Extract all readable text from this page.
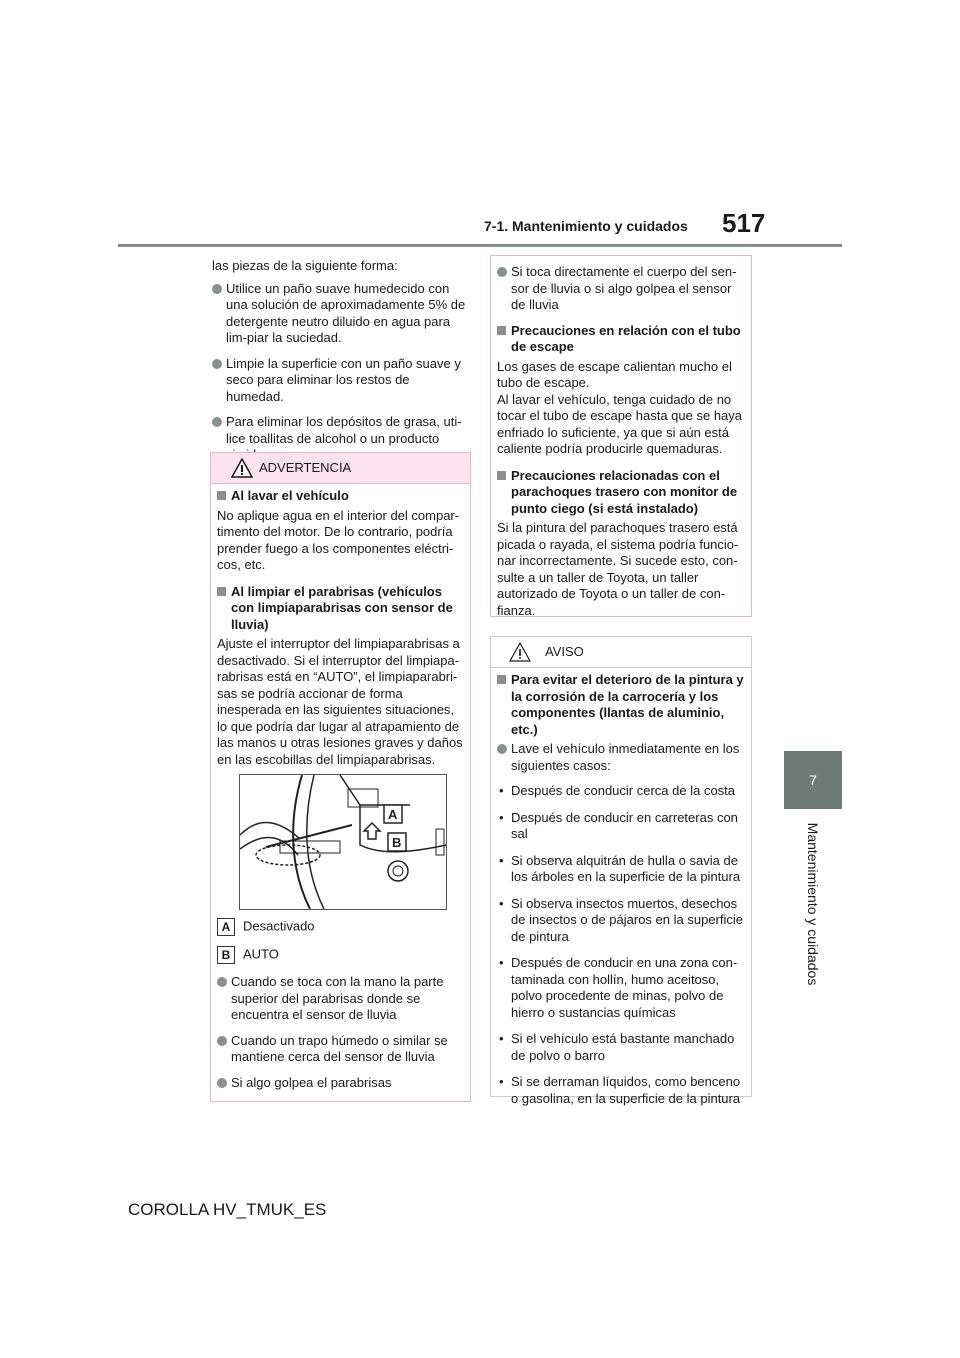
7-1. Mantenimiento y cuidados 517
7
Mantenimiento y cuidados

las piezas de la siguiente forma:

Utilice un paño suave humedecido con una solución de aproximadamente 5% de detergente neutro diluido en agua para lim-piar la suciedad.
Limpie la superficie con un paño suave y seco para eliminar los restos de humedad.
Para eliminar los depósitos de grasa, uti-lice toallitas de alcohol o un producto
ADVERTENCIA
Al lavar el vehículo

No aplique agua en el interior del compar-timento del motor. De lo contrario, podría prender fuego a los componentes eléctri-cos, etc.

Al limpiar el parabrisas (vehículos con limpiaparabrisas con sensor de lluvia)

Ajuste el interruptor del limpiaparabrisas a desactivado. Si el interruptor del limpiapa-rabrisas está en “AUTO”, el limpiaparabri-sas se podría accionar de forma inesperada en las siguientes situaciones, lo que podría dar lugar al atrapamiento de las manos u otras lesiones graves y daños en las escobillas del limpiaparabrisas.

A
B
A Desactivado
B AUTO
Cuando se toca con la mano la parte superior del parabrisas donde se encuentra el sensor de lluvia
Cuando un trapo húmedo o similar se mantiene cerca del sensor de lluvia
Si algo golpea el parabrisas
Si toca directamente el cuerpo del sen-sor de lluvia o si algo golpea el sensor de lluvia
Precauciones en relación con el tubo de escape

Los gases de escape calientan mucho el tubo de escape.
Al lavar el vehículo, tenga cuidado de no tocar el tubo de escape hasta que se haya enfriado lo suficiente, ya que si aún está caliente podría producirle quemaduras.

Precauciones relacionadas con el parachoques trasero con monitor de punto ciego (si está instalado)

Si la pintura del parachoques trasero está picada o rayada, el sistema podría funcio-nar incorrectamente. Si sucede esto, con-sulte a un taller de Toyota, un taller autorizado de Toyota o un taller de con-fianza.

AVISO
Para evitar el deterioro de la pintura y la corrosión de la carrocería y los componentes (llantas de aluminio, etc.)
Lave el vehículo inmediatamente en los siguientes casos:
• Después de conducir cerca de la costa
• Después de conducir en carreteras con sal
• Si observa alquitrán de hulla o savia de los árboles en la superficie de la pintura
• Si observa insectos muertos, desechos de insectos o de pájaros en la superficie de pintura
• Después de conducir en una zona con-taminada con hollín, humo aceitoso, polvo procedente de minas, polvo de hierro o sustancias químicas
• Si el vehículo está bastante manchado de polvo o barro
• Si se derraman líquidos, como benceno o gasolina, en la superficie de la pintura
COROLLA HV_TMUK_ES
